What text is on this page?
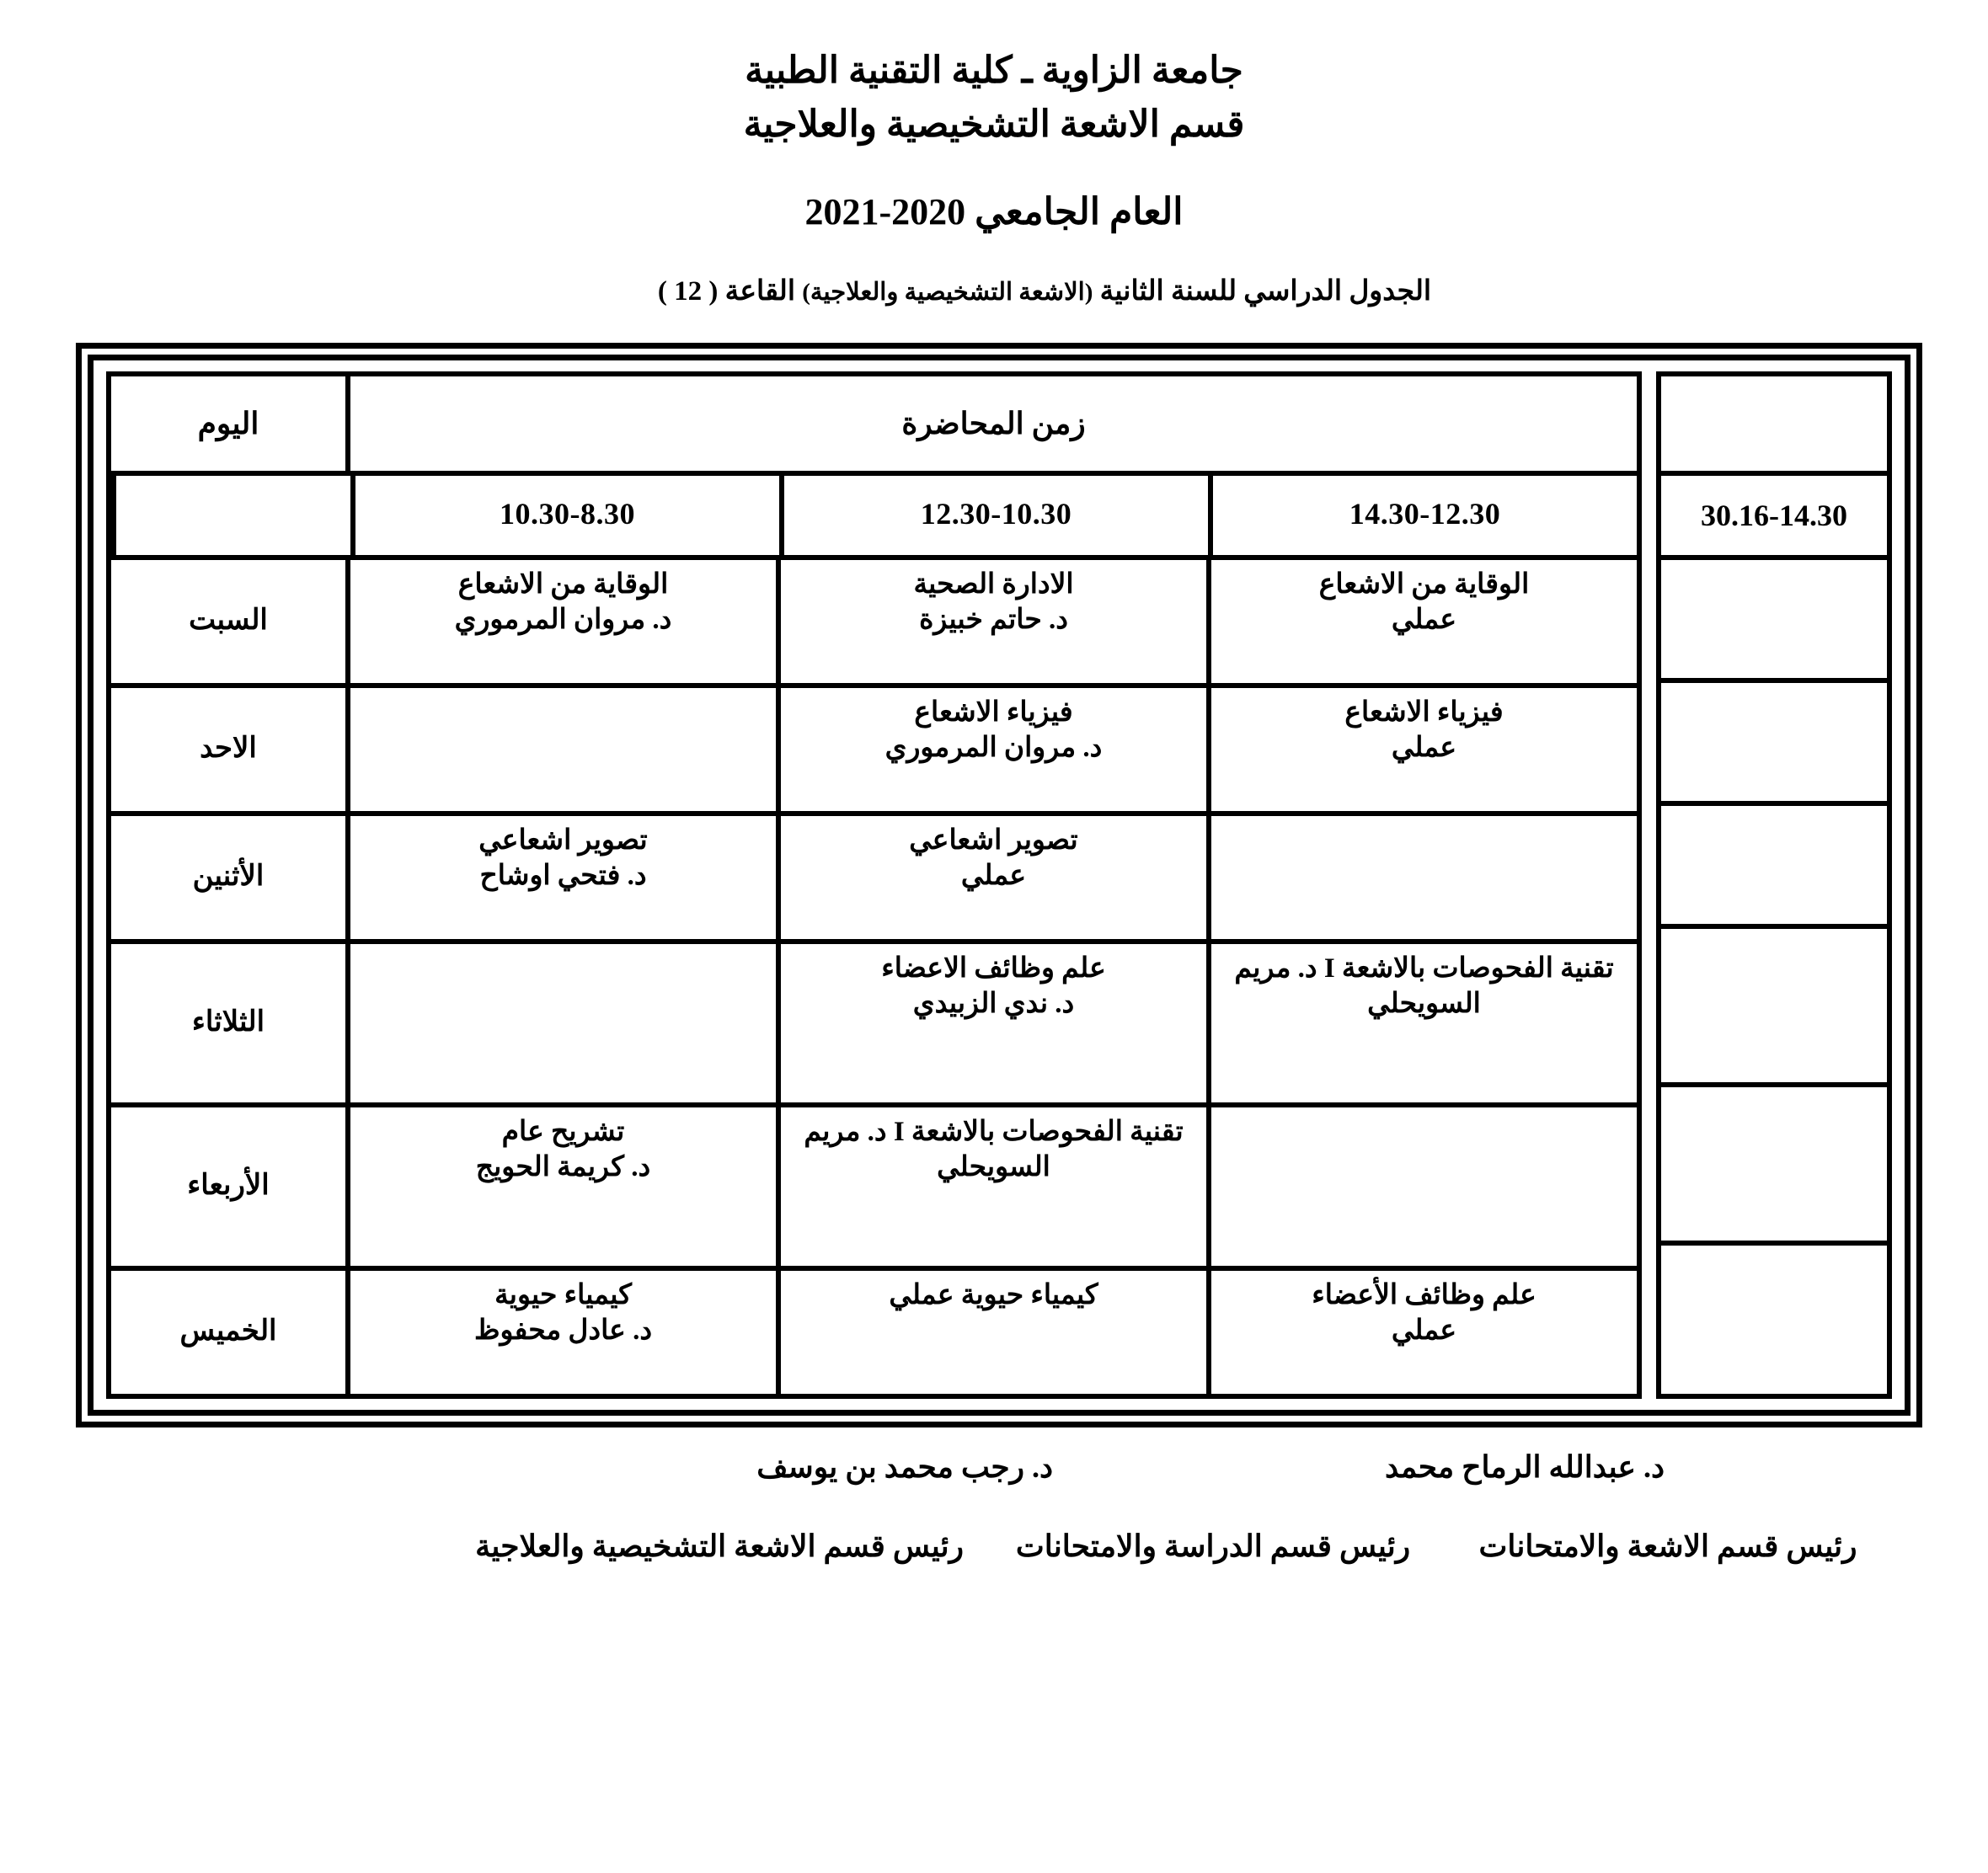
جامعة الزاوية ـ كلية التقنية الطبية
قسم الاشعة التشخيصية والعلاجية
العام الجامعي 2020-2021
الجدول الدراسي للسنة الثانية (الاشعة التشخيصية والعلاجية) القاعة ( 12 )
30.16-14.30
زمن المحاضرة
اليوم
14.30-12.30
12.30-10.30
10.30-8.30
الوقاية من الاشعاع
عملي
الادارة الصحية
د. حاتم خبيزة
الوقاية من الاشعاع
د. مروان المرموري
السبت
فيزياء الاشعاع
عملي
فيزياء الاشعاع
د. مروان المرموري
الاحد
تصوير اشعاعي
عملي
تصوير اشعاعي
د. فتحي اوشاح
الأثنين
تقنية الفحوصات بالاشعة I د. مريم السويحلي
علم وظائف الاعضاء
د. ندي الزبيدي
الثلاثاء
تقنية الفحوصات بالاشعة I د. مريم السويحلي
تشريح عام
د. كريمة الحويج
الأربعاء
علم وظائف الأعضاء
عملي
كيمياء حيوية عملي
كيمياء حيوية
د. عادل محفوظ
الخميس
د. عبدالله الرماح محمد
د. رجب محمد بن يوسف
رئيس قسم الاشعة والامتحانات
رئيس قسم الدراسة والامتحانات
رئيس قسم الاشعة التشخيصية والعلاجية
